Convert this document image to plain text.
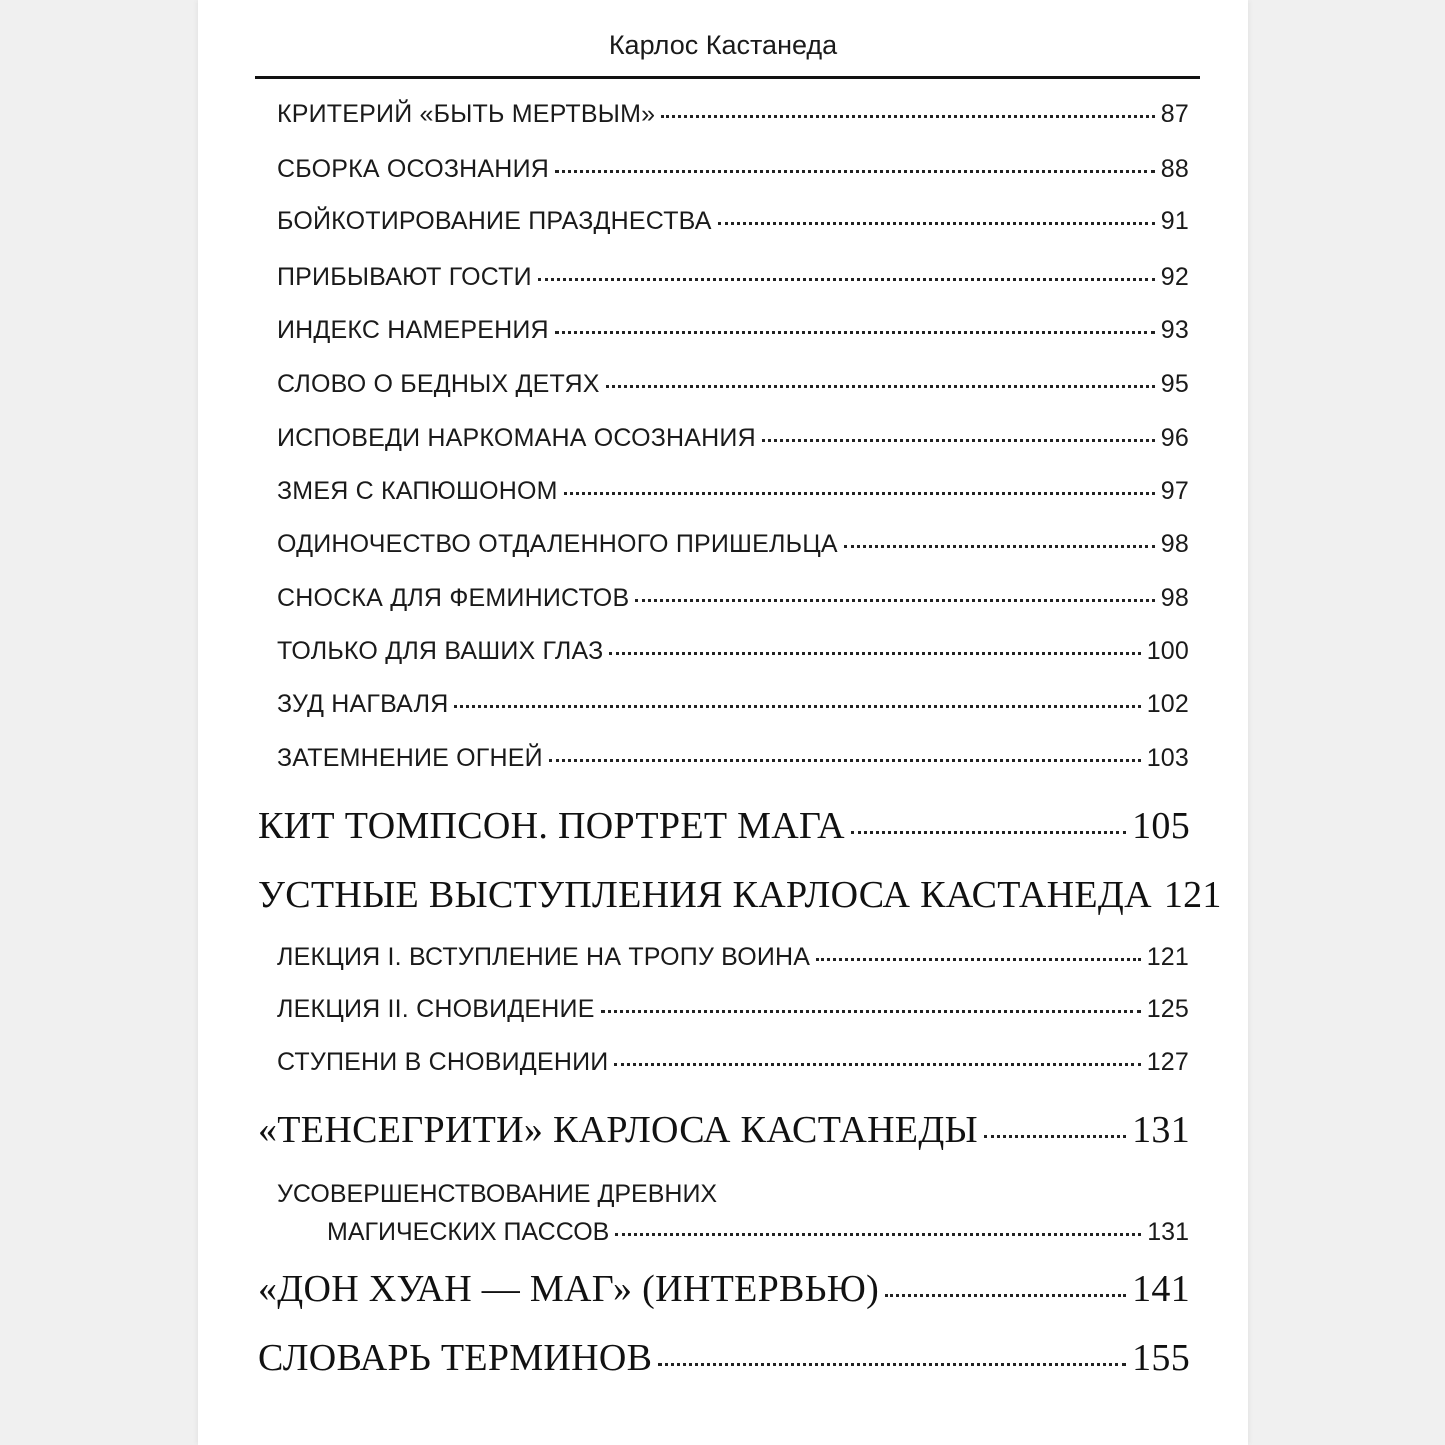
Карлос Кастанеда
КРИТЕРИЙ «БЫТЬ МЕРТВЫМ»	87
СБОРКА ОСОЗНАНИЯ	88
БОЙКОТИРОВАНИЕ ПРАЗДНЕСТВА	91
ПРИБЫВАЮТ ГОСТИ	92
ИНДЕКС НАМЕРЕНИЯ	93
СЛОВО О БЕДНЫХ ДЕТЯХ	95
ИСПОВЕДИ НАРКОМАНА ОСОЗНАНИЯ	96
ЗМЕЯ С КАПЮШОНОМ	97
ОДИНОЧЕСТВО ОТДАЛЕННОГО ПРИШЕЛЬЦА	98
СНОСКА ДЛЯ ФЕМИНИСТОВ	98
ТОЛЬКО ДЛЯ ВАШИХ ГЛАЗ	100
ЗУД НАГВАЛЯ	102
ЗАТЕМНЕНИЕ ОГНЕЙ	103
КИТ ТОМПСОН. ПОРТРЕТ МАГА	105
УСТНЫЕ ВЫСТУПЛЕНИЯ КАРЛОСА КАСТАНЕДА 121
ЛЕКЦИЯ I. ВСТУПЛЕНИЕ НА ТРОПУ ВОИНА	121
ЛЕКЦИЯ II. СНОВИДЕНИЕ	125
СТУПЕНИ В СНОВИДЕНИИ	127
«ТЕНСЕГРИТИ» КАРЛОСА КАСТАНЕДЫ	131
УСОВЕРШЕНСТВОВАНИЕ ДРЕВНИХ
МАГИЧЕСКИХ ПАССОВ	131
«ДОН ХУАН — МАГ» (ИНТЕРВЬЮ)	141
СЛОВАРЬ ТЕРМИНОВ	155
